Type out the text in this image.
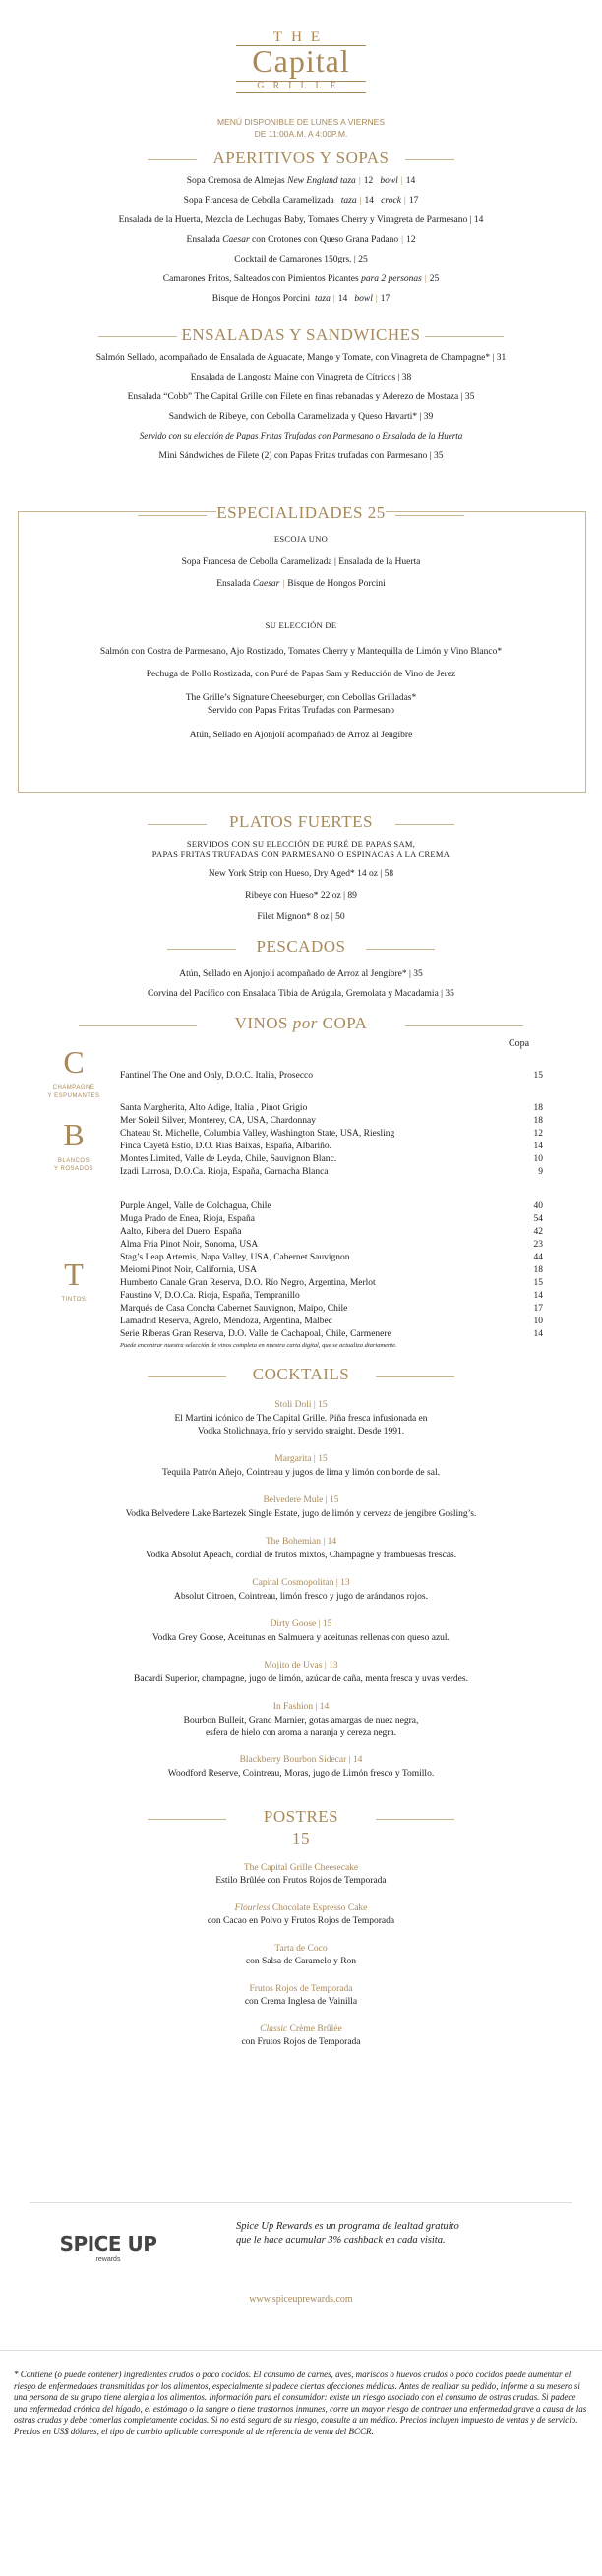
THE
Capital
GRILLE
MENÚ DISPONIBLE DE LUNES A VIERNES
DE 11:00A.M. A 4:00P.M.
APERITIVOS Y SOPAS
Sopa Cremosa de Almejas New England taza | 12   bowl | 14
Sopa Francesa de Cebolla Caramelizada   taza | 14   crock | 17
Ensalada de la Huerta, Mezcla de Lechugas Baby, Tomates Cherry y Vinagreta de Parmesano | 14
Ensalada Caesar con Crotones con Queso Grana Padano | 12
Cocktail de Camarones 150grs. | 25
Camarones Fritos, Salteados con Pimientos Picantes para 2 personas | 25
Bisque de Hongos Porcini  taza | 14   bowl | 17
ENSALADAS Y SANDWICHES
Salmón Sellado, acompañado de Ensalada de Aguacate, Mango y Tomate, con Vinagreta de Champagne* | 31
Ensalada de Langosta Maine con Vinagreta de Cítricos | 38
Ensalada “Cobb” The Capital Grille con Filete en finas rebanadas y Aderezo de Mostaza | 35
Sandwich de Ribeye, con Cebolla Caramelizada y Queso Havarti* | 39
Servido con su elección de Papas Fritas Trufadas con Parmesano o Ensalada de la Huerta
Mini Sándwiches de Filete (2) con Papas Fritas trufadas con Parmesano | 35
ESPECIALIDADES 25
ESCOJA UNO
Sopa Francesa de Cebolla Caramelizada | Ensalada de la Huerta
Ensalada Caesar | Bisque de Hongos Porcini
SU ELECCIÓN DE
Salmón con Costra de Parmesano, Ajo Rostizado, Tomates Cherry y Mantequilla de Limón y Vino Blanco*
Pechuga de Pollo Rostizada, con Puré de Papas Sam y Reducción de Vino de Jerez
The Grille’s Signature Cheeseburger, con Cebollas Grilladas*
Servido con Papas Fritas Trufadas con Parmesano
Atún, Sellado en Ajonjolí acompañado de Arroz al Jengibre
PLATOS FUERTES
SERVIDOS CON SU ELECCIÓN DE PURÉ DE PAPAS SAM,
PAPAS FRITAS TRUFADAS CON PARMESANO O ESPINACAS A LA CREMA
New York Strip con Hueso, Dry Aged* 14 oz | 58
Ribeye con Hueso* 22 oz | 89
Filet Mignon* 8 oz | 50
PESCADOS
Atún, Sellado en Ajonjolí acompañado de Arroz al Jengibre* | 35
Corvina del Pacífico con Ensalada Tibia de Arúgula, Gremolata y Macadamia | 35
VINOS por COPA
Copa
C
CHAMPAGNE
Y ESPUMANTES
Fantinel The One and Only, D.O.C. Italia, Prosecco	15
B
BLANCOS
Y ROSADOS
Santa Margherita, Alto Adige, Italia , Pinot Grigio	18
Mer Soleil Silver, Monterey, CA, USA, Chardonnay	18
Chateau St. Michelle, Columbia Valley, Washington State, USA, Riesling	12
Finca Cayetá Estío, D.O. Rías Baixas, España, Albariño.	14
Montes Limited, Valle de Leyda, Chile, Sauvignon Blanc.	10
Izadi Larrosa, D.O.Ca. Rioja, España, Garnacha Blanca	9
T
TINTOS
Purple Angel, Valle de Colchagua, Chile	40
Muga Prado de Enea, Rioja, España	54
Aalto, Ribera del Duero, España	42
Alma Fria Pinot Noir, Sonoma, USA	23
Stag’s Leap Artemis, Napa Valley, USA, Cabernet Sauvignon	44
Meiomi Pinot Noir, California, USA	18
Humberto Canale Gran Reserva, D.O. Río Negro, Argentina, Merlot	15
Faustino V, D.O.Ca. Rioja, España, Tempranillo	14
Marqués de Casa Concha Cabernet Sauvignon, Maipo, Chile	17
Lamadrid Reserva, Agrelo, Mendoza, Argentina, Malbec	10
Serie Riberas Gran Reserva, D.O. Valle de Cachapoal, Chile, Carmenere	14
Puede encontrar nuestra selección de vinos completa en nuestra carta digital, que se actualiza diariamente.
COCKTAILS
Stoli Doli | 15
El Martini icónico de The Capital Grille. Piña fresca infusionada en
Vodka Stolichnaya, frío y servido straight. Desde 1991.
Margarita | 15
Tequila Patrón Añejo, Cointreau y jugos de lima y limón con borde de sal.
Belvedere Mule | 15
Vodka Belvedere Lake Bartezek Single Estate, jugo de limón y cerveza de jengibre Gosling’s.
The Bohemian | 14
Vodka Absolut Apeach, cordial de frutos mixtos, Champagne y frambuesas frescas.
Capital Cosmopolitan | 13
Absolut Citroen, Cointreau, limón fresco y jugo de arándanos rojos.
Dirty Goose | 15
Vodka Grey Goose, Aceitunas en Salmuera y aceitunas rellenas con queso azul.
Mojito de Uvas | 13
Bacardi Superior, champagne, jugo de limón, azúcar de caña, menta fresca y uvas verdes.
In Fashion | 14
Bourbon Bulleit, Grand Marnier, gotas amargas de nuez negra,
esfera de hielo con aroma a naranja y cereza negra.
Blackberry Bourbon Sidecar | 14
Woodford Reserve, Cointreau, Moras, jugo de Limón fresco y Tomillo.
POSTRES
15
The Capital Grille Cheesecake
Estilo Brûlée con Frutos Rojos de Temporada
Flourless Chocolate Espresso Cake
con Cacao en Polvo y Frutos Rojos de Temporada
Tarta de Coco
con Salsa de Caramelo y Ron
Frutos Rojos de Temporada
con Crema Inglesa de Vainilla
Classic Crème Brûlée
con Frutos Rojos de Temporada
SPICE UP
rewards
Spice Up Rewards es un programa de lealtad gratuito
que le hace acumular 3% cashback en cada visita.
www.spiceuprewards.com
* Contiene (o puede contener) ingredientes crudos o poco cocidos. El consumo de carnes, aves, mariscos o huevos crudos o poco cocidos puede aumentar el riesgo de enfermedades transmitidas por los alimentos, especialmente si padece ciertas afecciones médicas. Antes de realizar su pedido, informe a su mesero si una persona de su grupo tiene alergia a los alimentos. Información para el consumidor: existe un riesgo asociado con el consumo de ostras crudas. Si padece una enfermedad crónica del hígado, el estómago o la sangre o tiene trastornos inmunes, corre un mayor riesgo de contraer una enfermedad grave a causa de las ostras crudas y debe comerlas completamente cocidas. Si no está seguro de su riesgo, consulte a un médico. Precios incluyen impuesto de ventas y de servicio. Precios en US$ dólares, el tipo de cambio aplicable corresponde al de referencia de venta del BCCR.
